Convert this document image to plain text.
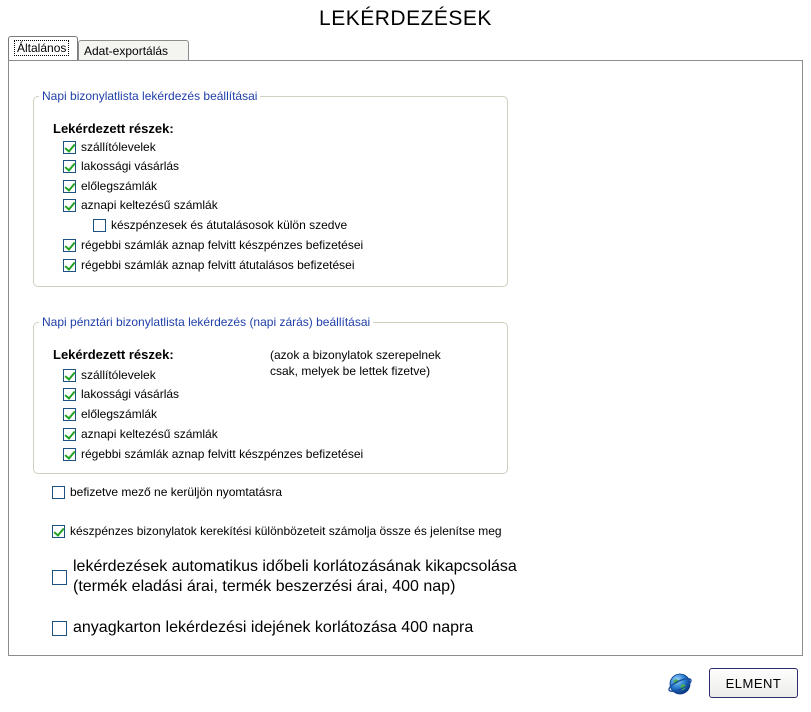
LEKÉRDEZÉSEK
Általános	Adat-exportálás
Napi bizonylatlista lekérdezés beállításai
Lekérdezett részek:
szállítólevelek
lakossági vásárlás
előlegszámlák
aznapi keltezésű számlák
készpénzesek és átutalásosok külön szedve
régebbi számlák aznap felvitt készpénzes befizetései
régebbi számlák aznap felvitt átutalásos befizetései
Napi pénztári bizonylatlista lekérdezés (napi zárás) beállításai
Lekérdezett részek:	(azok a bizonylatok szerepelnek
csak, melyek be lettek fizetve)
szállítólevelek
lakossági vásárlás
előlegszámlák
aznapi keltezésű számlák
régebbi számlák aznap felvitt készpénzes befizetései
befizetve mező ne kerüljön nyomtatásra
készpénzes bizonylatok kerekítési különbözeteit számolja össze és jelenítse meg
lekérdezések automatikus időbeli korlátozásának kikapcsolása
(termék eladási árai, termék beszerzési árai, 400 nap)
anyagkarton lekérdezési idejének korlátozása 400 napra
ELMENT
